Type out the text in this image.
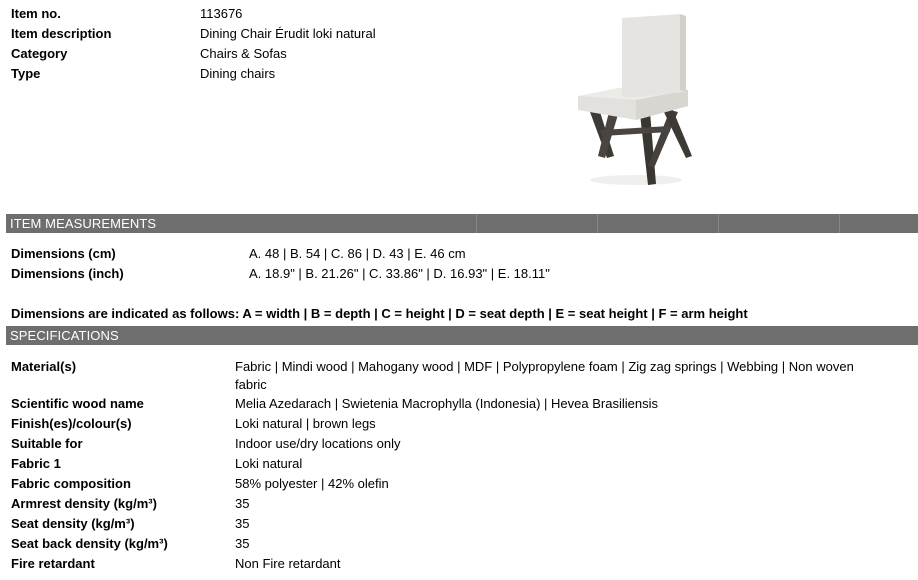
Item no.	113676
Item description	Dining Chair Érudit loki natural
Category	Chairs & Sofas
Type	Dining chairs
ITEM MEASUREMENTS
Dimensions (cm)	A. 48 | B. 54 | C. 86 | D. 43 | E. 46 cm
Dimensions (inch)	A. 18.9" | B. 21.26" | C. 33.86" | D. 16.93" | E. 18.11"
Dimensions are indicated as follows: A = width | B = depth | C = height | D = seat depth | E = seat height | F = arm height
SPECIFICATIONS
Material(s)	Fabric | Mindi wood | Mahogany wood | MDF | Polypropylene foam | Zig zag springs | Webbing | Non woven
fabric
Scientific wood name	Melia Azedarach | Swietenia Macrophylla (Indonesia) | Hevea Brasiliensis
Finish(es)/colour(s)	Loki natural | brown legs
Suitable for	Indoor use/dry locations only
Fabric 1	Loki natural
Fabric composition	58% polyester | 42% olefin
Armrest density (kg/m³)	35
Seat density (kg/m³)	35
Seat back density (kg/m³)	35
Fire retardant	Non Fire retardant
